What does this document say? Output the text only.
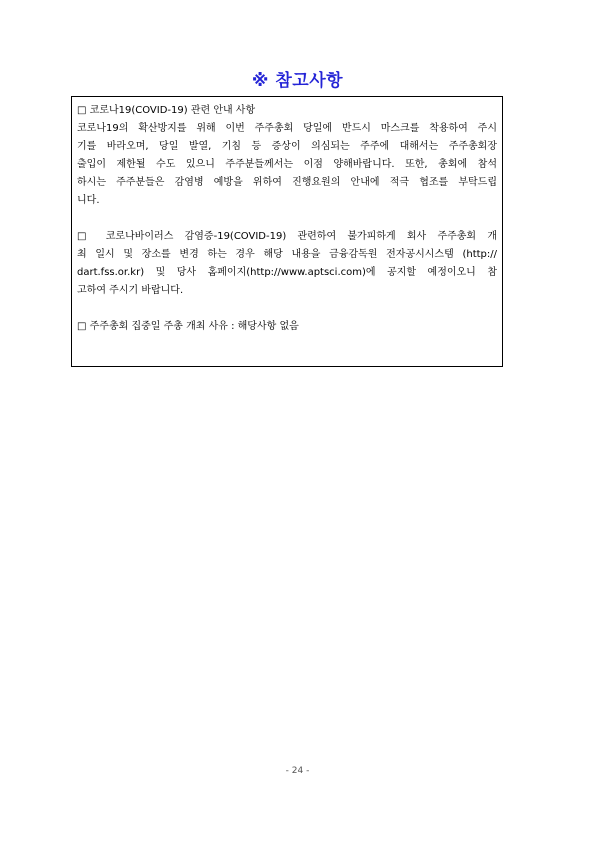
※ 참고사항
□ 코로나19(COVID-19) 관련 안내 사항
코로나19의 확산방지를 위해 이번 주주총회 당일에 반드시 마스크를 착용하여 주시
기를 바라오며, 당일 발열, 기침 등 증상이 의심되는 주주에 대해서는 주주총회장
출입이 제한될 수도 있으니 주주분들께서는 이점 양해바랍니다. 또한, 총회에 참석
하시는 주주분들은 감염병 예방을 위하여 진행요원의 안내에 적극 협조를 부탁드립
니다.
□ 코로나바이러스 감염증-19(COVID-19) 관련하여 불가피하게 회사 주주총회 개
최 일시 및 장소를 변경 하는 경우 해당 내용을 금융감독원 전자공시시스템 (http://
dart.fss.or.kr) 및 당사 홈페이지(http://www.aptsci.com)에 공지할 예정이오니 참
고하여 주시기 바랍니다.
□ 주주총회 집중일 주총 개최 사유 : 해당사항 없음
- 24 -
